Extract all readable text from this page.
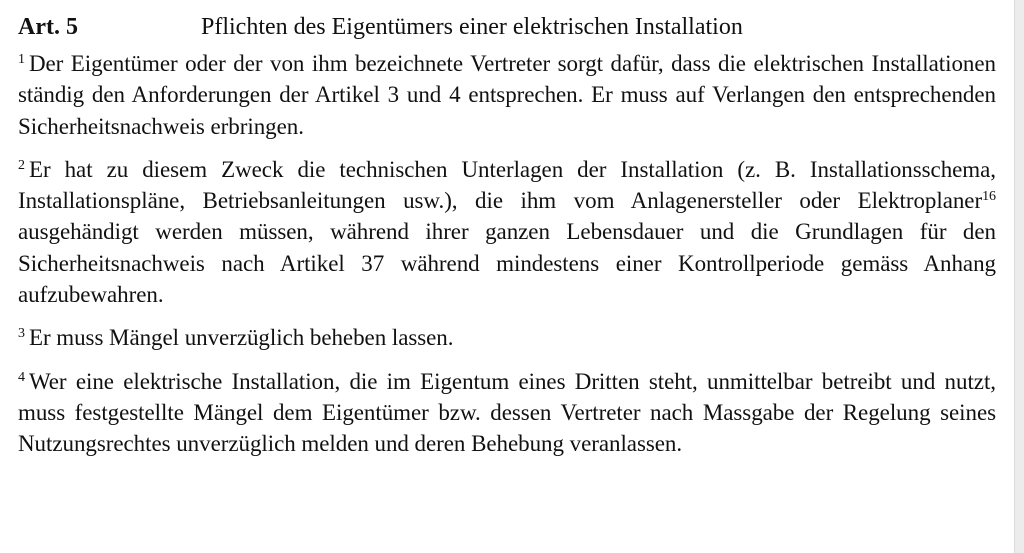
Art. 5	Pflichten des Eigentümers einer elektrischen Installation

$^1$ Der Eigentümer oder der von ihm bezeichnete Vertreter sorgt dafür, dass die elektrischen Installationen ständig den Anforderungen der Artikel 3 und 4 entsprechen. Er muss auf Verlangen den entsprechenden Sicherheitsnachweis erbringen.

$^2$ Er hat zu diesem Zweck die technischen Unterlagen der Installation (z. B. Installationsschema, Installationspläne, Betriebsanleitungen usw.), die ihm vom Anlagenersteller oder Elektroplaner$^{16}$ ausgehändigt werden müssen, während ihrer ganzen Lebensdauer und die Grundlagen für den Sicherheitsnachweis nach Artikel 37 während mindestens einer Kontrollperiode gemäss Anhang aufzubewahren.

$^3$ Er muss Mängel unverzüglich beheben lassen.

$^4$ Wer eine elektrische Installation, die im Eigentum eines Dritten steht, unmittelbar betreibt und nutzt, muss festgestellte Mängel dem Eigentümer bzw. dessen Vertreter nach Massgabe der Regelung seines Nutzungsrechtes unverzüglich melden und deren Behebung veranlassen.
